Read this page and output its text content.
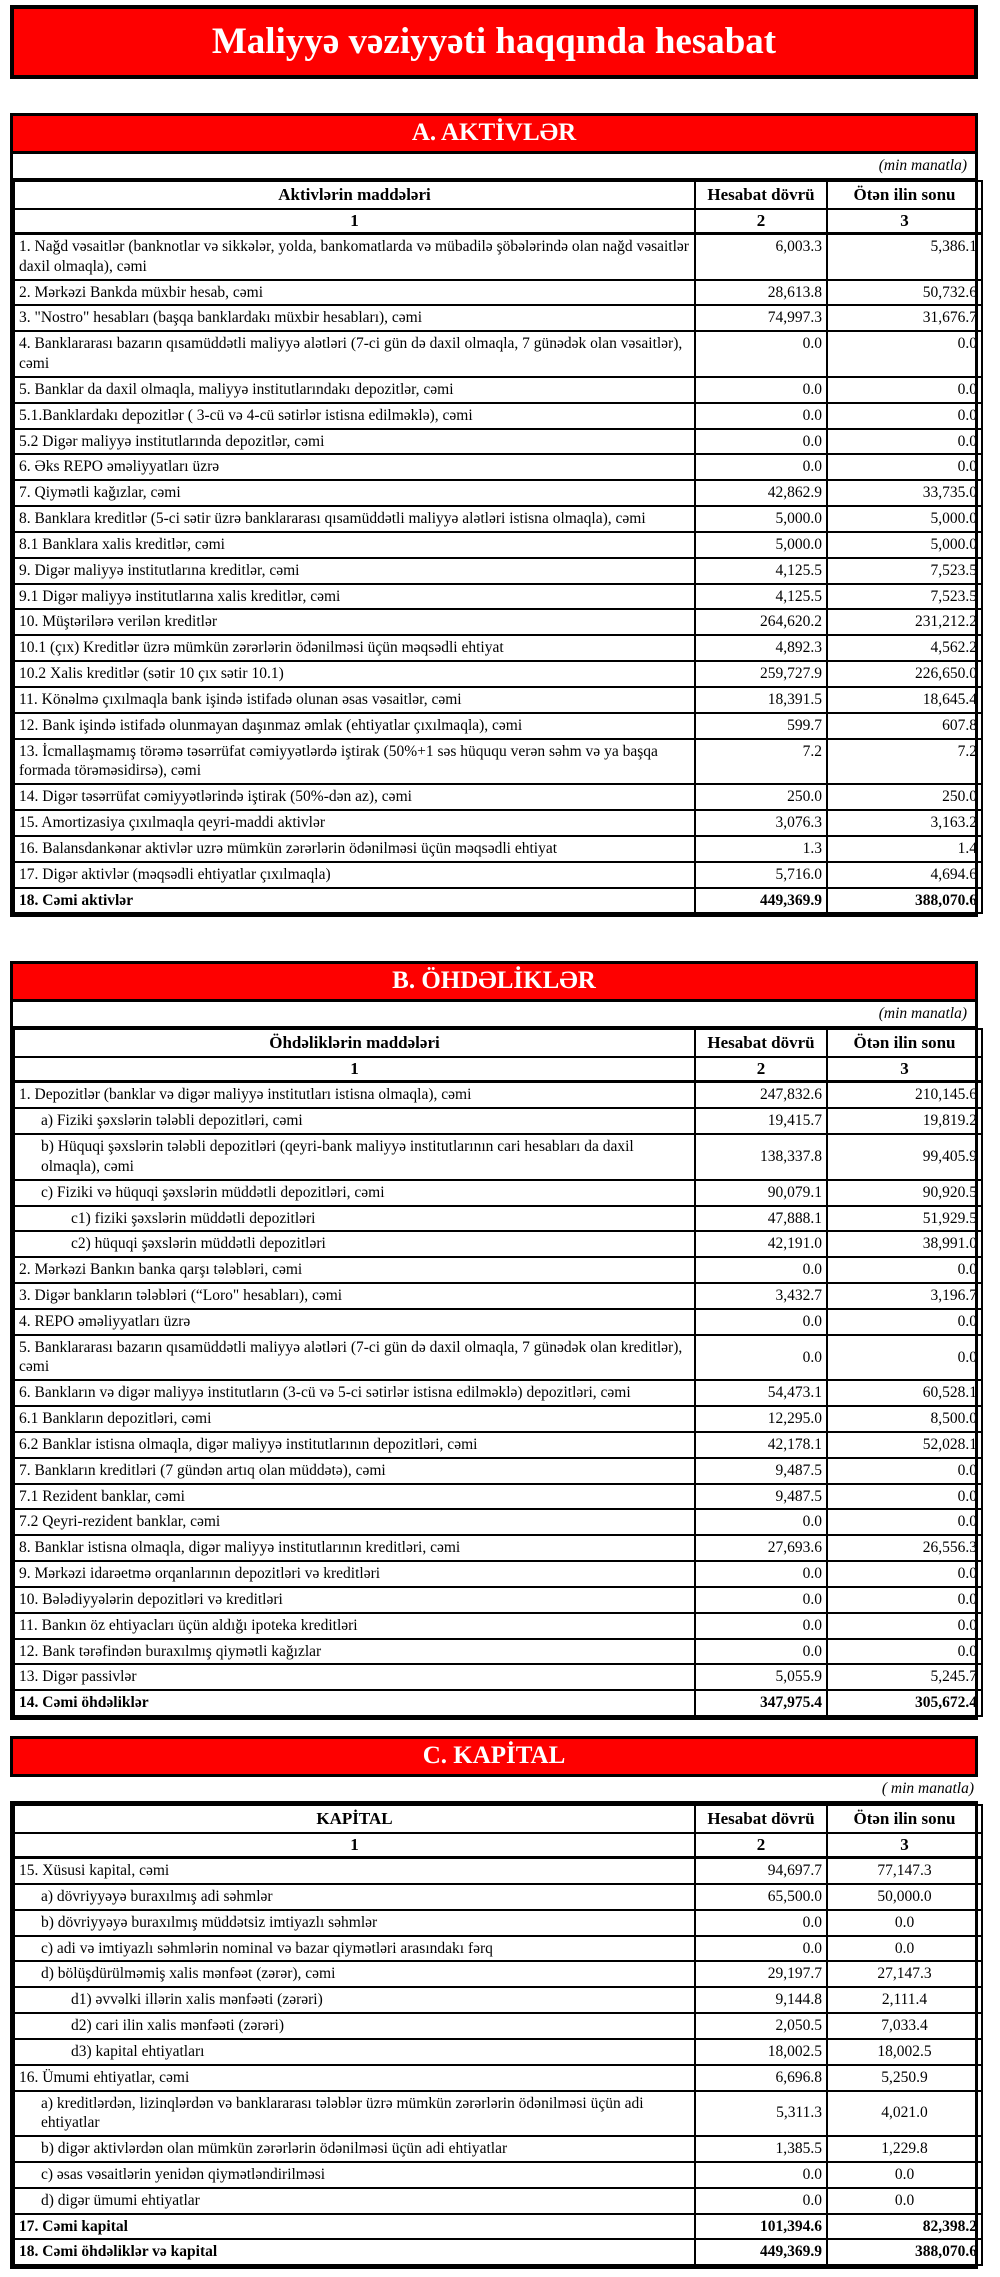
Maliyyə vəziyyəti haqqında hesabat
A. AKTİVLƏR
(min manatla)
Aktivlərin maddələri	Hesabat dövrü	Ötən ilin sonu
1	2	3
1. Nağd vəsaitlər (banknotlar və sikkələr, yolda, bankomatlarda və mübadilə şöbələrində olan nağd vəsaitlər daxil olmaqla), cəmi	6,003.3	5,386.1
2. Mərkəzi Bankda müxbir hesab, cəmi	28,613.8	50,732.6
3. "Nostro" hesabları (başqa banklardakı müxbir hesabları), cəmi	74,997.3	31,676.7
4. Banklararası bazarın qısamüddətli maliyyə alətləri (7-ci gün də daxil olmaqla, 7 günədək olan vəsaitlər), cəmi	0.0	0.0
5. Banklar da daxil olmaqla, maliyyə institutlarındakı depozitlər, cəmi	0.0	0.0
5.1.Banklardakı depozitlər ( 3-cü və 4-cü sətirlər istisna edilməklə), cəmi	0.0	0.0
5.2 Digər maliyyə institutlarında depozitlər, cəmi	0.0	0.0
6. Əks REPO əməliyyatları üzrə	0.0	0.0
7. Qiymətli kağızlar, cəmi	42,862.9	33,735.0
8. Banklara kreditlər (5-ci sətir üzrə banklararası qısamüddətli maliyyə alətləri istisna olmaqla), cəmi	5,000.0	5,000.0
8.1 Banklara xalis kreditlər, cəmi	5,000.0	5,000.0
9. Digər maliyyə institutlarına kreditlər, cəmi	4,125.5	7,523.5
9.1 Digər maliyyə institutlarına xalis kreditlər, cəmi	4,125.5	7,523.5
10. Müştərilərə verilən kreditlər	264,620.2	231,212.2
10.1 (çıx) Kreditlər üzrə mümkün zərərlərin ödənilməsi üçün məqsədli ehtiyat	4,892.3	4,562.2
10.2 Xalis kreditlər (sətir 10 çıx sətir 10.1)	259,727.9	226,650.0
11. Könəlmə çıxılmaqla bank işində istifadə olunan əsas vəsaitlər, cəmi	18,391.5	18,645.4
12. Bank işində istifadə olunmayan daşınmaz əmlak (ehtiyatlar çıxılmaqla), cəmi	599.7	607.8
13. İcmallaşmamış törəmə təsərrüfat cəmiyyətlərdə iştirak (50%+1 səs hüququ verən səhm və ya başqa formada törəməsidirsə), cəmi	7.2	7.2
14. Digər təsərrüfat cəmiyyətlərində iştirak (50%-dən az), cəmi	250.0	250.0
15. Amortizasiya çıxılmaqla qeyri-maddi aktivlər	3,076.3	3,163.2
16. Balansdankənar aktivlər uzrə mümkün zərərlərin ödənilməsi üçün məqsədli ehtiyat	1.3	1.4
17. Digər aktivlər (məqsədli ehtiyatlar çıxılmaqla)	5,716.0	4,694.6
18. Cəmi aktivlər	449,369.9	388,070.6
B. ÖHDƏLİKLƏR
(min manatla)
Öhdəliklərin maddələri	Hesabat dövrü	Ötən ilin sonu
1	2	3
1. Depozitlər (banklar və digər maliyyə institutları istisna olmaqla), cəmi	247,832.6	210,145.6
a) Fiziki şəxslərin tələbli depozitləri, cəmi	19,415.7	19,819.2
b) Hüquqi şəxslərin tələbli depozitləri (qeyri-bank maliyyə institutlarının cari hesabları da daxil olmaqla), cəmi	138,337.8	99,405.9
c) Fiziki və hüquqi şəxslərin müddətli depozitləri, cəmi	90,079.1	90,920.5
c1) fiziki şəxslərin müddətli depozitləri	47,888.1	51,929.5
c2) hüquqi şəxslərin müddətli depozitləri	42,191.0	38,991.0
2. Mərkəzi Bankın banka qarşı tələbləri, cəmi	0.0	0.0
3. Digər bankların tələbləri (“Loro" hesabları), cəmi	3,432.7	3,196.7
4. REPO əməliyyatları üzrə	0.0	0.0
5. Banklararası bazarın qısamüddətli maliyyə alətləri (7-ci gün də daxil olmaqla, 7 günədək olan kreditlər), cəmi	0.0	0.0
6. Bankların və digər maliyyə institutların (3-cü və 5-ci sətirlər istisna edilməklə) depozitləri, cəmi	54,473.1	60,528.1
6.1 Bankların depozitləri, cəmi	12,295.0	8,500.0
6.2 Banklar istisna olmaqla, digər maliyyə institutlarının depozitləri, cəmi	42,178.1	52,028.1
7. Bankların kreditləri (7 gündən artıq olan müddətə), cəmi	9,487.5	0.0
7.1 Rezident banklar, cəmi	9,487.5	0.0
7.2 Qeyri-rezident banklar, cəmi	0.0	0.0
8. Banklar istisna olmaqla, digər maliyyə institutlarının kreditləri, cəmi	27,693.6	26,556.3
9. Mərkəzi idarəetmə orqanlarının depozitləri və kreditləri	0.0	0.0
10. Bələdiyyələrin depozitləri və kreditləri	0.0	0.0
11. Bankın öz ehtiyacları üçün aldığı ipoteka kreditləri	0.0	0.0
12. Bank tərəfindən buraxılmış qiymətli kağızlar	0.0	0.0
13. Digər passivlər	5,055.9	5,245.7
14. Cəmi öhdəliklər	347,975.4	305,672.4
C. KAPİTAL
( min manatla)
KAPİTAL	Hesabat dövrü	Ötən ilin sonu
1	2	3
15. Xüsusi kapital, cəmi	94,697.7	77,147.3
a) dövriyyəyə buraxılmış adi səhmlər	65,500.0	50,000.0
b) dövriyyəyə buraxılmış müddətsiz imtiyazlı səhmlər	0.0	0.0
c) adi və imtiyazlı səhmlərin nominal və bazar qiymətləri arasındakı fərq	0.0	0.0
d) bölüşdürülməmiş xalis mənfəət (zərər), cəmi	29,197.7	27,147.3
d1) əvvəlki illərin xalis mənfəəti (zərəri)	9,144.8	2,111.4
d2) cari ilin xalis mənfəəti (zərəri)	2,050.5	7,033.4
d3) kapital ehtiyatları	18,002.5	18,002.5
16. Ümumi ehtiyatlar, cəmi	6,696.8	5,250.9
a) kreditlərdən, lizinqlərdən və banklararası tələblər üzrə mümkün zərərlərin ödənilməsi üçün adi ehtiyatlar	5,311.3	4,021.0
b) digər aktivlərdən olan mümkün zərərlərin ödənilməsi üçün adi ehtiyatlar	1,385.5	1,229.8
c) əsas vəsaitlərin yenidən qiymətləndirilməsi	0.0	0.0
d) digər ümumi ehtiyatlar	0.0	0.0
17. Cəmi kapital	101,394.6	82,398.2
18. Cəmi öhdəliklər və kapital	449,369.9	388,070.6
